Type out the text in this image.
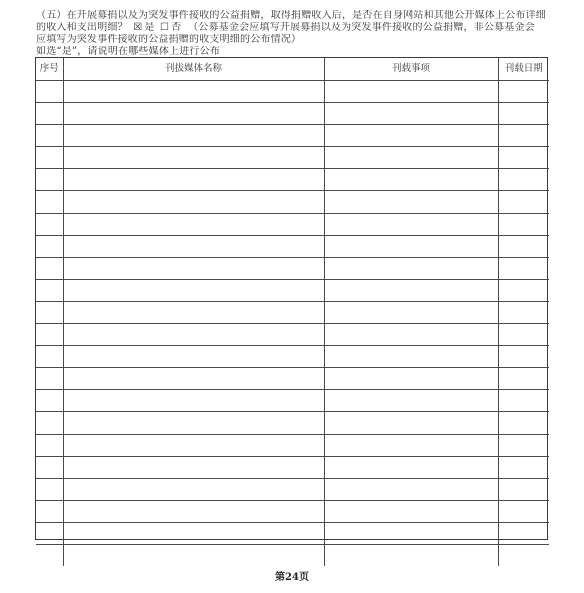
（五）在开展募捐以及为突发事件接收的公益捐赠，取得捐赠收入后，是否在自身网站和其他公开媒体上公布详细
的收入和支出明细？ ☒ 是 ☐ 否 （公募基金会应填写开展募捐以及为突发事件接收的公益捐赠，非公募基金会
应填写为突发事件接收的公益捐赠的收支明细的公布情况）
如选“是”，请说明在哪些媒体上进行公布
序号	刊拔媒体名称	刊载事项	刊载日期

第24页
